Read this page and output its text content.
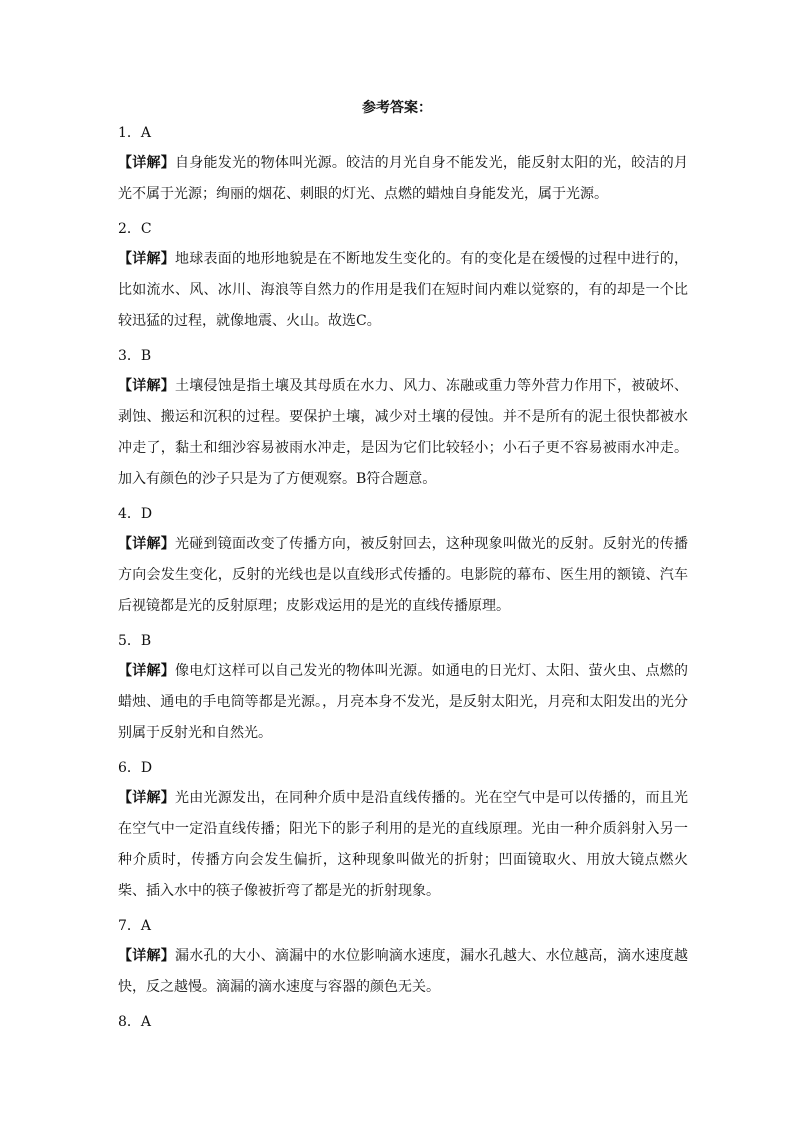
参考答案：
1．A

【详解】自身能发光的物体叫光源。皎洁的月光自身不能发光，能反射太阳的光，皎洁的月光不属于光源；绚丽的烟花、刺眼的灯光、点燃的蜡烛自身能发光，属于光源。

2．C

【详解】地球表面的地形地貌是在不断地发生变化的。有的变化是在缓慢的过程中进行的，比如流水、风、冰川、海浪等自然力的作用是我们在短时间内难以觉察的，有的却是一个比较迅猛的过程，就像地震、火山。故选C。

3．B

【详解】土壤侵蚀是指土壤及其母质在水力、风力、冻融或重力等外营力作用下，被破坏、剥蚀、搬运和沉积的过程。要保护土壤，减少对土壤的侵蚀。并不是所有的泥土很快都被水冲走了，黏土和细沙容易被雨水冲走，是因为它们比较轻小；小石子更不容易被雨水冲走。加入有颜色的沙子只是为了方便观察。B符合题意。

4．D

【详解】光碰到镜面改变了传播方向，被反射回去，这种现象叫做光的反射。反射光的传播方向会发生变化，反射的光线也是以直线形式传播的。电影院的幕布、医生用的额镜、汽车后视镜都是光的反射原理；皮影戏运用的是光的直线传播原理。

5．B

【详解】像电灯这样可以自己发光的物体叫光源。如通电的日光灯、太阳、萤火虫、点燃的蜡烛、通电的手电筒等都是光源。，月亮本身不发光，是反射太阳光，月亮和太阳发出的光分别属于反射光和自然光。

6．D

【详解】光由光源发出，在同种介质中是沿直线传播的。光在空气中是可以传播的，而且光在空气中一定沿直线传播；阳光下的影子利用的是光的直线原理。光由一种介质斜射入另一种介质时，传播方向会发生偏折，这种现象叫做光的折射；凹面镜取火、用放大镜点燃火柴、插入水中的筷子像被折弯了都是光的折射现象。

7．A

【详解】漏水孔的大小、滴漏中的水位影响滴水速度，漏水孔越大、水位越高，滴水速度越快，反之越慢。滴漏的滴水速度与容器的颜色无关。

8．A
